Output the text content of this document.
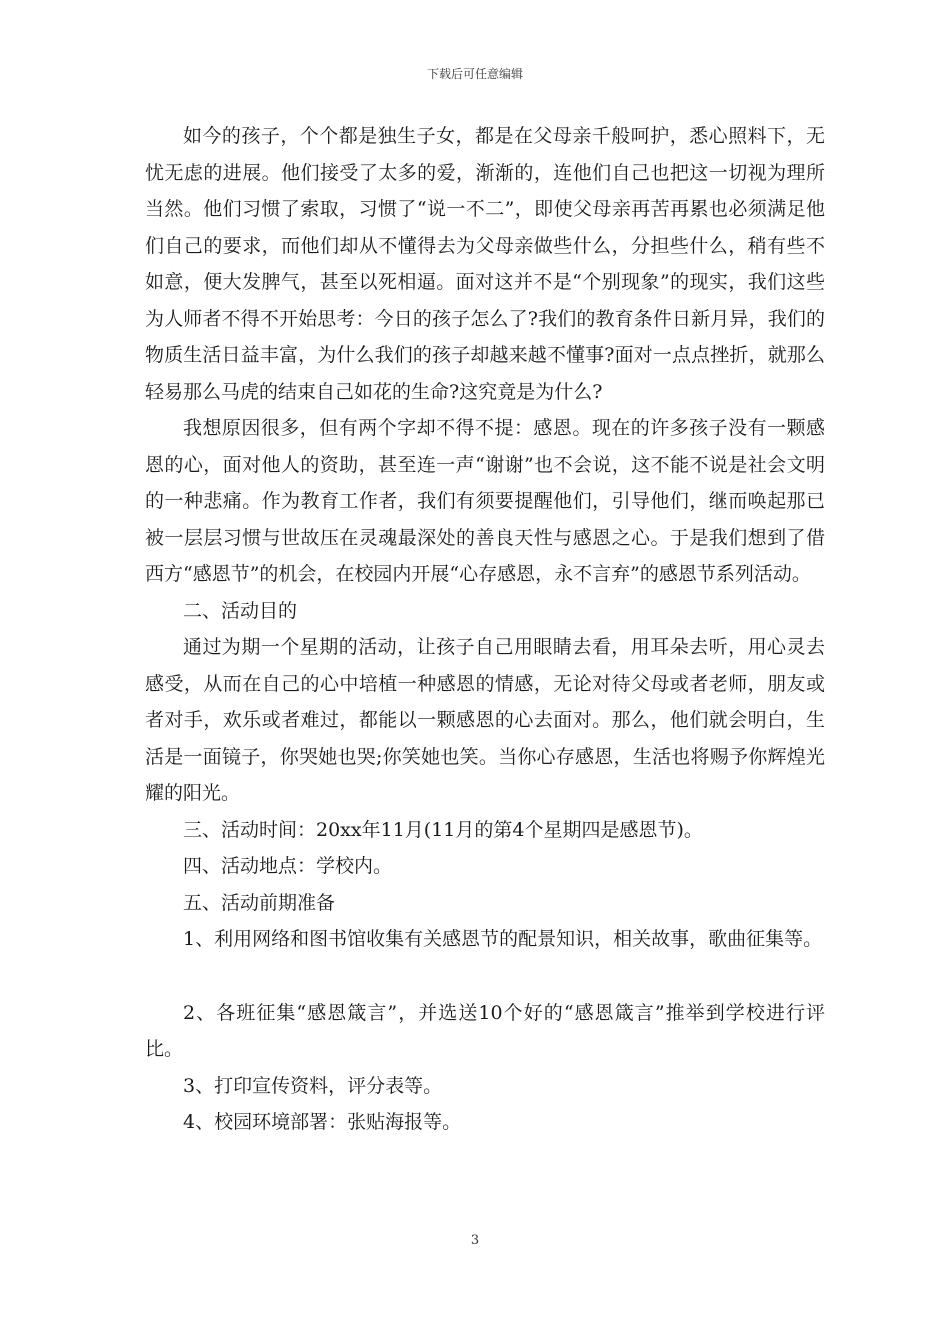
下载后可任意编辑

如今的孩子，个个都是独生子女，都是在父母亲千般呵护，悉心照料下，无忧无虑的进展。他们接受了太多的爱，渐渐的，连他们自己也把这一切视为理所当然。他们习惯了索取，习惯了“说一不二”，即使父母亲再苦再累也必须满足他们自己的要求，而他们却从不懂得去为父母亲做些什么，分担些什么，稍有些不如意，便大发脾气，甚至以死相逼。面对这并不是“个别现象”的现实，我们这些为人师者不得不开始思考：今日的孩子怎么了?我们的教育条件日新月异，我们的物质生活日益丰富，为什么我们的孩子却越来越不懂事?面对一点点挫折，就那么轻易那么马虎的结束自己如花的生命?这究竟是为什么?

我想原因很多，但有两个字却不得不提：感恩。现在的许多孩子没有一颗感恩的心，面对他人的资助，甚至连一声“谢谢”也不会说，这不能不说是社会文明的一种悲痛。作为教育工作者，我们有须要提醒他们，引导他们，继而唤起那已被一层层习惯与世故压在灵魂最深处的善良天性与感恩之心。于是我们想到了借西方“感恩节”的机会，在校园内开展“心存感恩，永不言弃”的感恩节系列活动。

二、活动目的

通过为期一个星期的活动，让孩子自己用眼睛去看，用耳朵去听，用心灵去感受，从而在自己的心中培植一种感恩的情感，无论对待父母或者老师，朋友或者对手，欢乐或者难过，都能以一颗感恩的心去面对。那么，他们就会明白，生活是一面镜子，你哭她也哭;你笑她也笑。当你心存感恩，生活也将赐予你辉煌光耀的阳光。

三、活动时间：20xx年11月(11月的第4个星期四是感恩节)。

四、活动地点：学校内。

五、活动前期准备

1、利用网络和图书馆收集有关感恩节的配景知识，相关故事，歌曲征集等。

2、各班征集“感恩箴言”，并选送10个好的“感恩箴言”推举到学校进行评比。

3、打印宣传资料，评分表等。

4、校园环境部署：张贴海报等。

3
